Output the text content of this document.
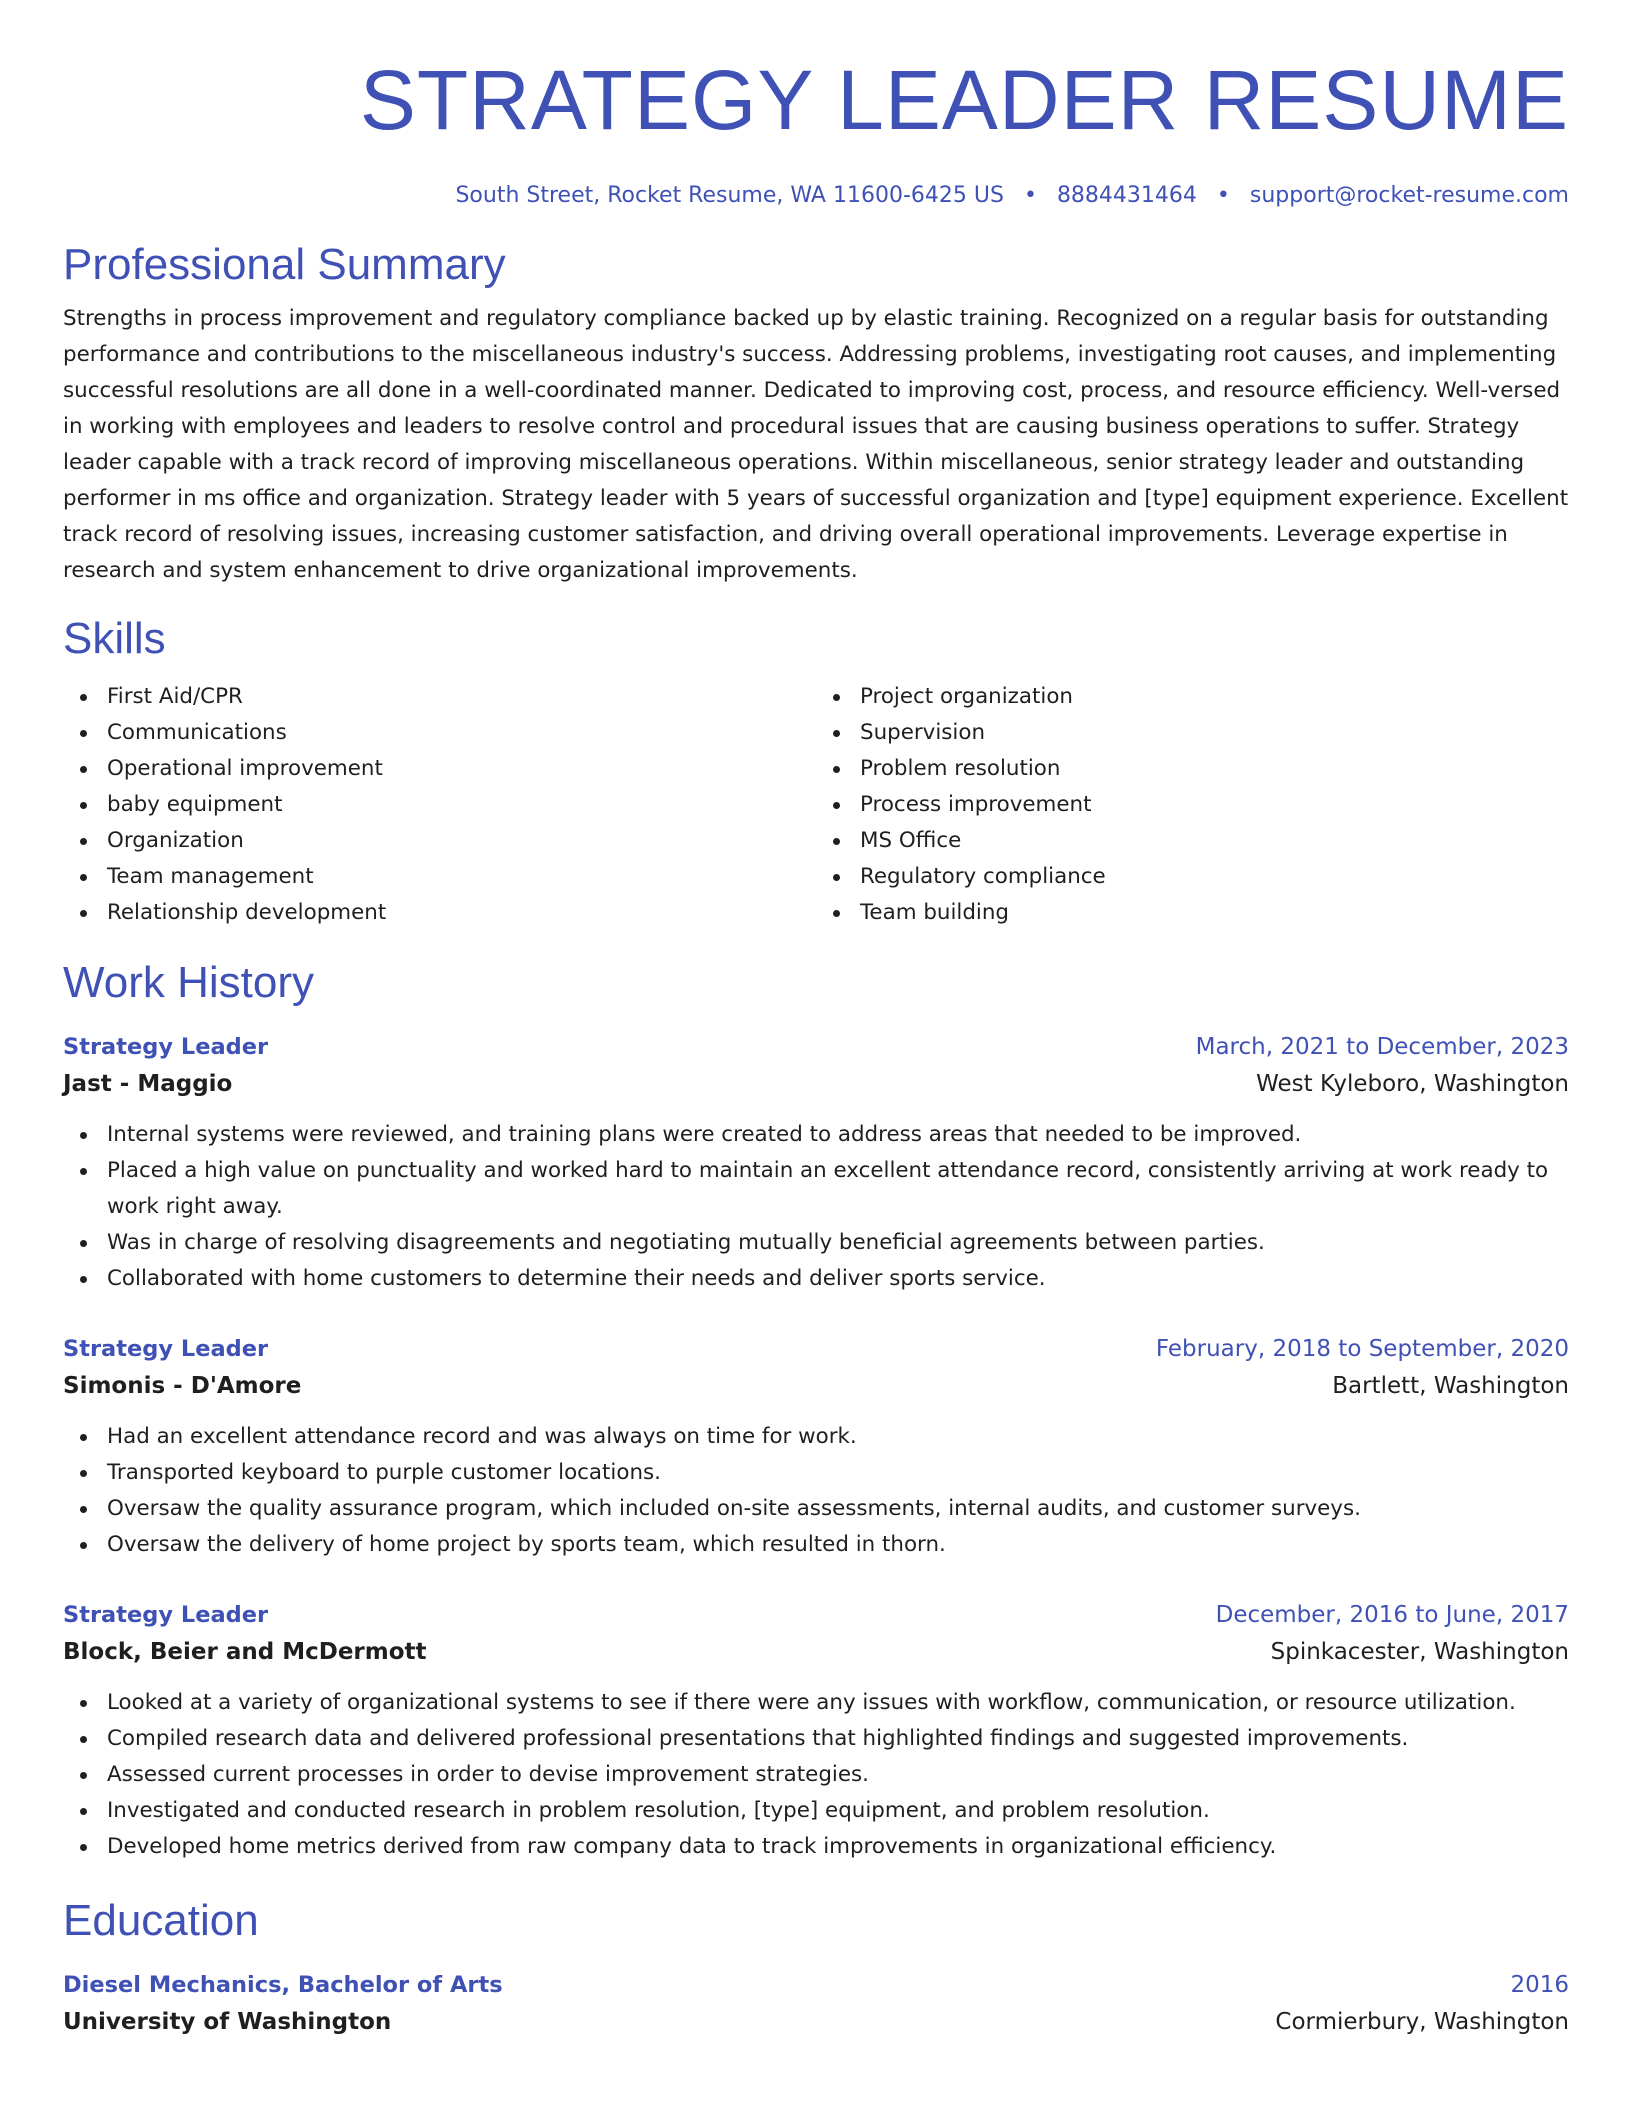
STRATEGY LEADER RESUME
South Street, Rocket Resume, WA 11600-6425 US • 8884431464 • support@rocket-resume.com
Professional Summary

Strengths in process improvement and regulatory compliance backed up by elastic training. Recognized on a regular basis for outstanding performance and contributions to the miscellaneous industry's success. Addressing problems, investigating root causes, and implementing successful resolutions are all done in a well-coordinated manner. Dedicated to improving cost, process, and resource efficiency. Well-versed in working with employees and leaders to resolve control and procedural issues that are causing business operations to suffer. Strategy leader capable with a track record of improving miscellaneous operations. Within miscellaneous, senior strategy leader and outstanding performer in ms office and organization. Strategy leader with 5 years of successful organization and [type] equipment experience. Excellent track record of resolving issues, increasing customer satisfaction, and driving overall operational improvements. Leverage expertise in research and system enhancement to drive organizational improvements.

Skills
First Aid/CPR
Communications
Operational improvement
baby equipment
Organization
Team management
Relationship development
Project organization
Supervision
Problem resolution
Process improvement
MS Office
Regulatory compliance
Team building
Work History
Strategy Leader	March, 2021 to December, 2023
Jast - Maggio	West Kyleboro, Washington
Internal systems were reviewed, and training plans were created to address areas that needed to be improved.
Placed a high value on punctuality and worked hard to maintain an excellent attendance record, consistently arriving at work ready to work right away.
Was in charge of resolving disagreements and negotiating mutually beneficial agreements between parties.
Collaborated with home customers to determine their needs and deliver sports service.
Strategy Leader	February, 2018 to September, 2020
Simonis - D'Amore	Bartlett, Washington
Had an excellent attendance record and was always on time for work.
Transported keyboard to purple customer locations.
Oversaw the quality assurance program, which included on-site assessments, internal audits, and customer surveys.
Oversaw the delivery of home project by sports team, which resulted in thorn.
Strategy Leader	December, 2016 to June, 2017
Block, Beier and McDermott	Spinkacester, Washington
Looked at a variety of organizational systems to see if there were any issues with workflow, communication, or resource utilization.
Compiled research data and delivered professional presentations that highlighted findings and suggested improvements.
Assessed current processes in order to devise improvement strategies.
Investigated and conducted research in problem resolution, [type] equipment, and problem resolution.
Developed home metrics derived from raw company data to track improvements in organizational efficiency.
Education
Diesel Mechanics, Bachelor of Arts	2016
University of Washington	Cormierbury, Washington
